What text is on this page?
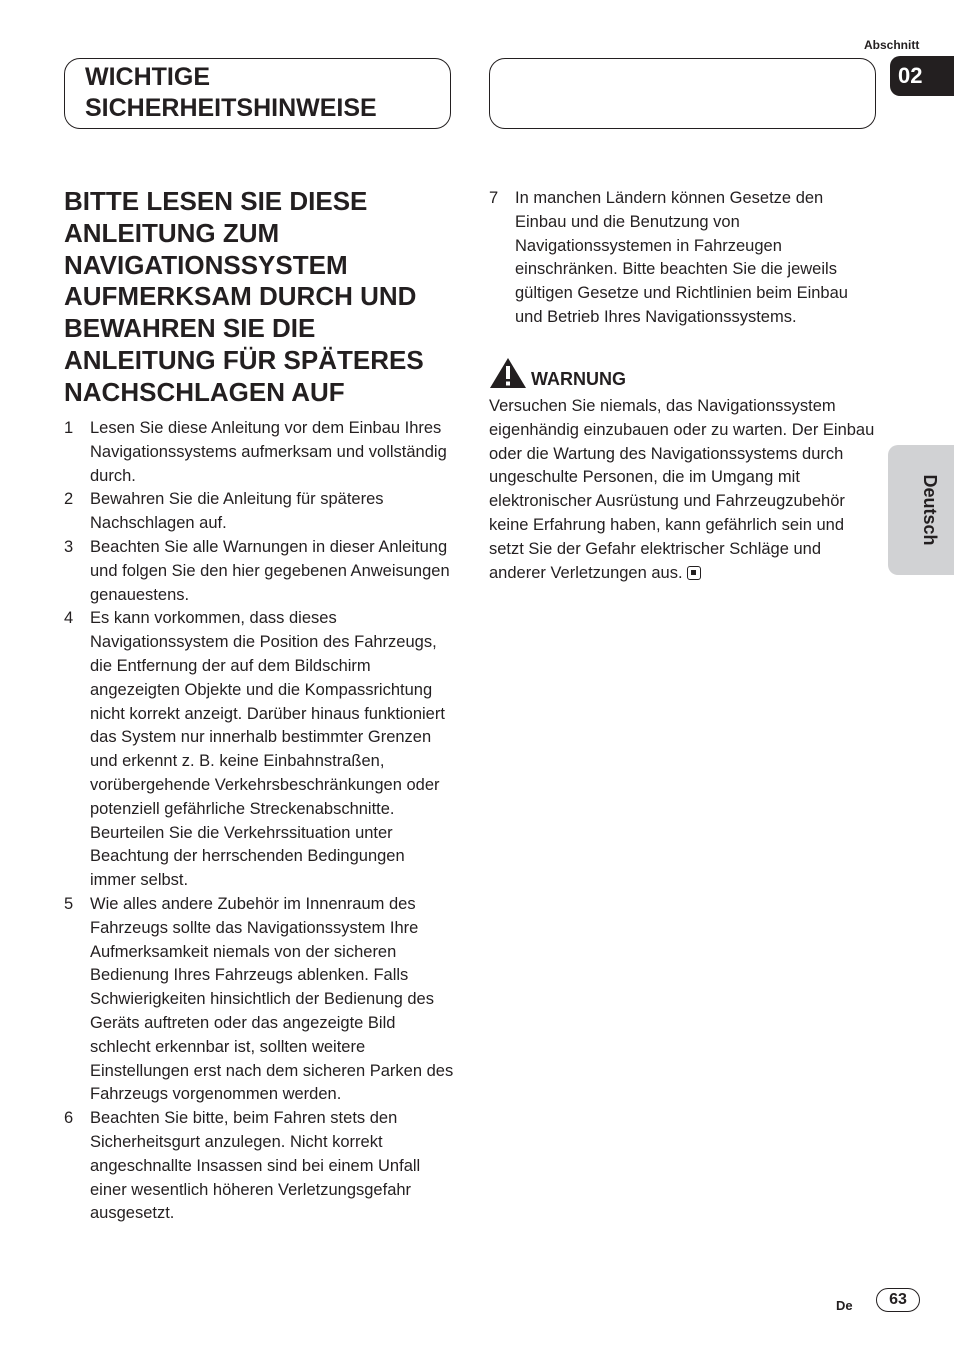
Abschnitt
02

WICHTIGE

SICHERHEITSHINWEISE

BITTE LESEN SIE DIESE ANLEITUNG ZUM NAVIGATIONSSYSTEM AUFMERKSAM DURCH UND BEWAHREN SIE DIE ANLEITUNG FÜR SPÄTERES NACHSCHLAGEN AUF
1 Lesen Sie diese Anleitung vor dem Einbau Ihres Navigationssystems aufmerksam und vollständig durch.
2 Bewahren Sie die Anleitung für späteres Nachschlagen auf.
3 Beachten Sie alle Warnungen in dieser Anleitung und folgen Sie den hier gegebenen Anweisungen genauestens.
4 Es kann vorkommen, dass dieses Navigationssystem die Position des Fahrzeugs, die Entfernung der auf dem Bildschirm angezeigten Objekte und die Kompassrichtung nicht korrekt anzeigt. Darüber hinaus funktioniert das System nur innerhalb bestimmter Grenzen und erkennt z. B. keine Einbahnstraßen, vorübergehende Verkehrsbeschränkungen oder potenziell gefährliche Streckenabschnitte. Beurteilen Sie die Verkehrssituation unter Beachtung der herrschenden Bedingungen immer selbst.
5 Wie alles andere Zubehör im Innenraum des Fahrzeugs sollte das Navigationssystem Ihre Aufmerksamkeit niemals von der sicheren Bedienung Ihres Fahrzeugs ablenken. Falls Schwierigkeiten hinsichtlich der Bedienung des Geräts auftreten oder das angezeigte Bild schlecht erkennbar ist, sollten weitere Einstellungen erst nach dem sicheren Parken des Fahrzeugs vorgenommen werden.
6 Beachten Sie bitte, beim Fahren stets den Sicherheitsgurt anzulegen. Nicht korrekt angeschnallte Insassen sind bei einem Unfall einer wesentlich höheren Verletzungsgefahr ausgesetzt.
7 In manchen Ländern können Gesetze den Einbau und die Benutzung von Navigationssystemen in Fahrzeugen einschränken. Bitte beachten Sie die jeweils gültigen Gesetze und Richtlinien beim Einbau und Betrieb Ihres Navigationssystems.
WARNUNG

Versuchen Sie niemals, das Navigationssystem eigenhändig einzubauen oder zu warten. Der Einbau oder die Wartung des Navigationssystems durch ungeschulte Personen, die im Umgang mit elektronischer Ausrüstung und Fahrzeugzubehör keine Erfahrung haben, kann gefährlich sein und setzt Sie der Gefahr elektrischer Schläge und anderer Verletzungen aus.

Deutsch
De	63
